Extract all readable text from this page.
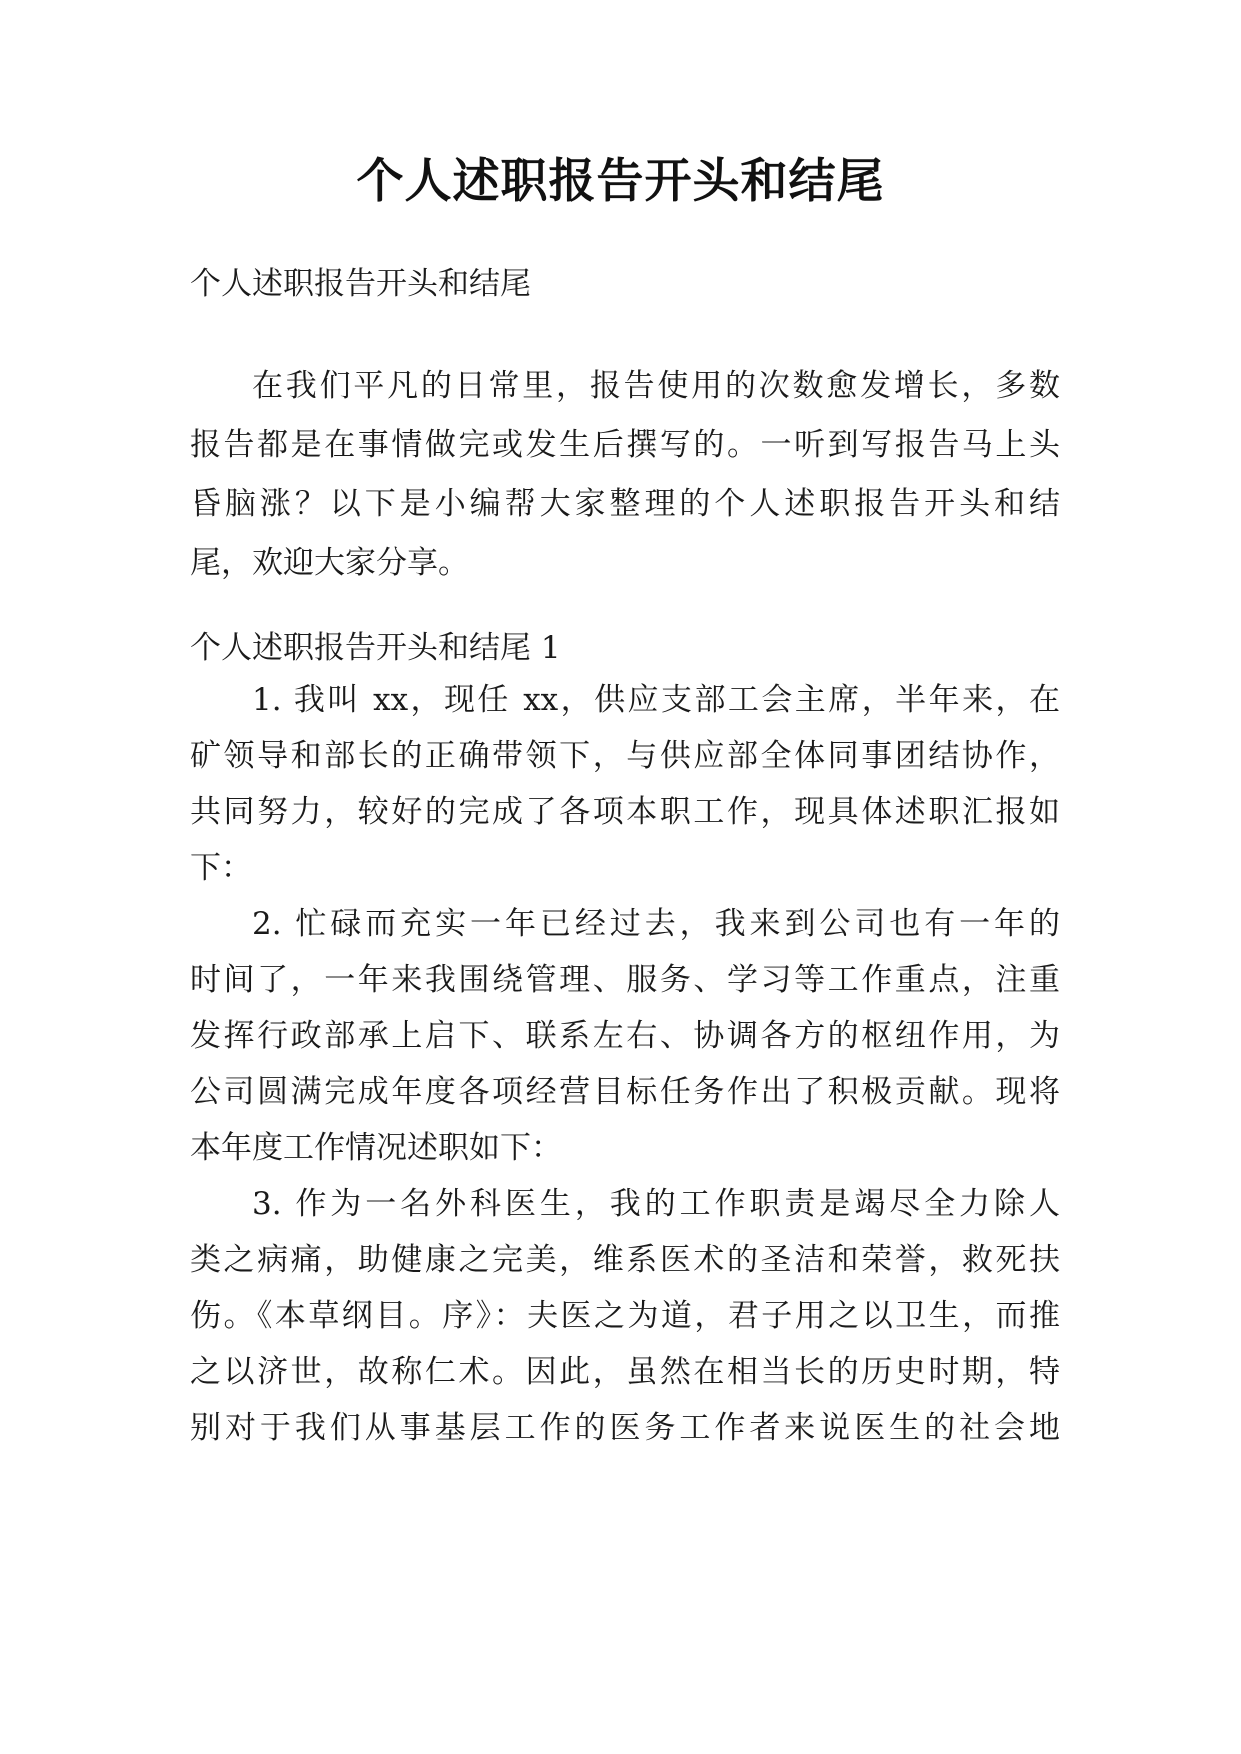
个人述职报告开头和结尾

个人述职报告开头和结尾

在我们平凡的日常里，报告使用的次数愈发增长，多数

报告都是在事情做完或发生后撰写的。一听到写报告马上头

昏脑涨？以下是小编帮大家整理的个人述职报告开头和结

尾，欢迎大家分享。

个人述职报告开头和结尾 1

1. 我叫 xx，现任 xx，供应支部工会主席，半年来，在

矿领导和部长的正确带领下，与供应部全体同事团结协作，

共同努力，较好的完成了各项本职工作，现具体述职汇报如

下：

2. 忙碌而充实一年已经过去，我来到公司也有一年的

时间了，一年来我围绕管理、服务、学习等工作重点，注重

发挥行政部承上启下、联系左右、协调各方的枢纽作用，为

公司圆满完成年度各项经营目标任务作出了积极贡献。现将

本年度工作情况述职如下：

3. 作为一名外科医生，我的工作职责是竭尽全力除人

类之病痛，助健康之完美，维系医术的圣洁和荣誉，救死扶

伤。《本草纲目。序》：夫医之为道，君子用之以卫生，而推

之以济世，故称仁术。因此，虽然在相当长的历史时期，特

别对于我们从事基层工作的医务工作者来说医生的社会地
